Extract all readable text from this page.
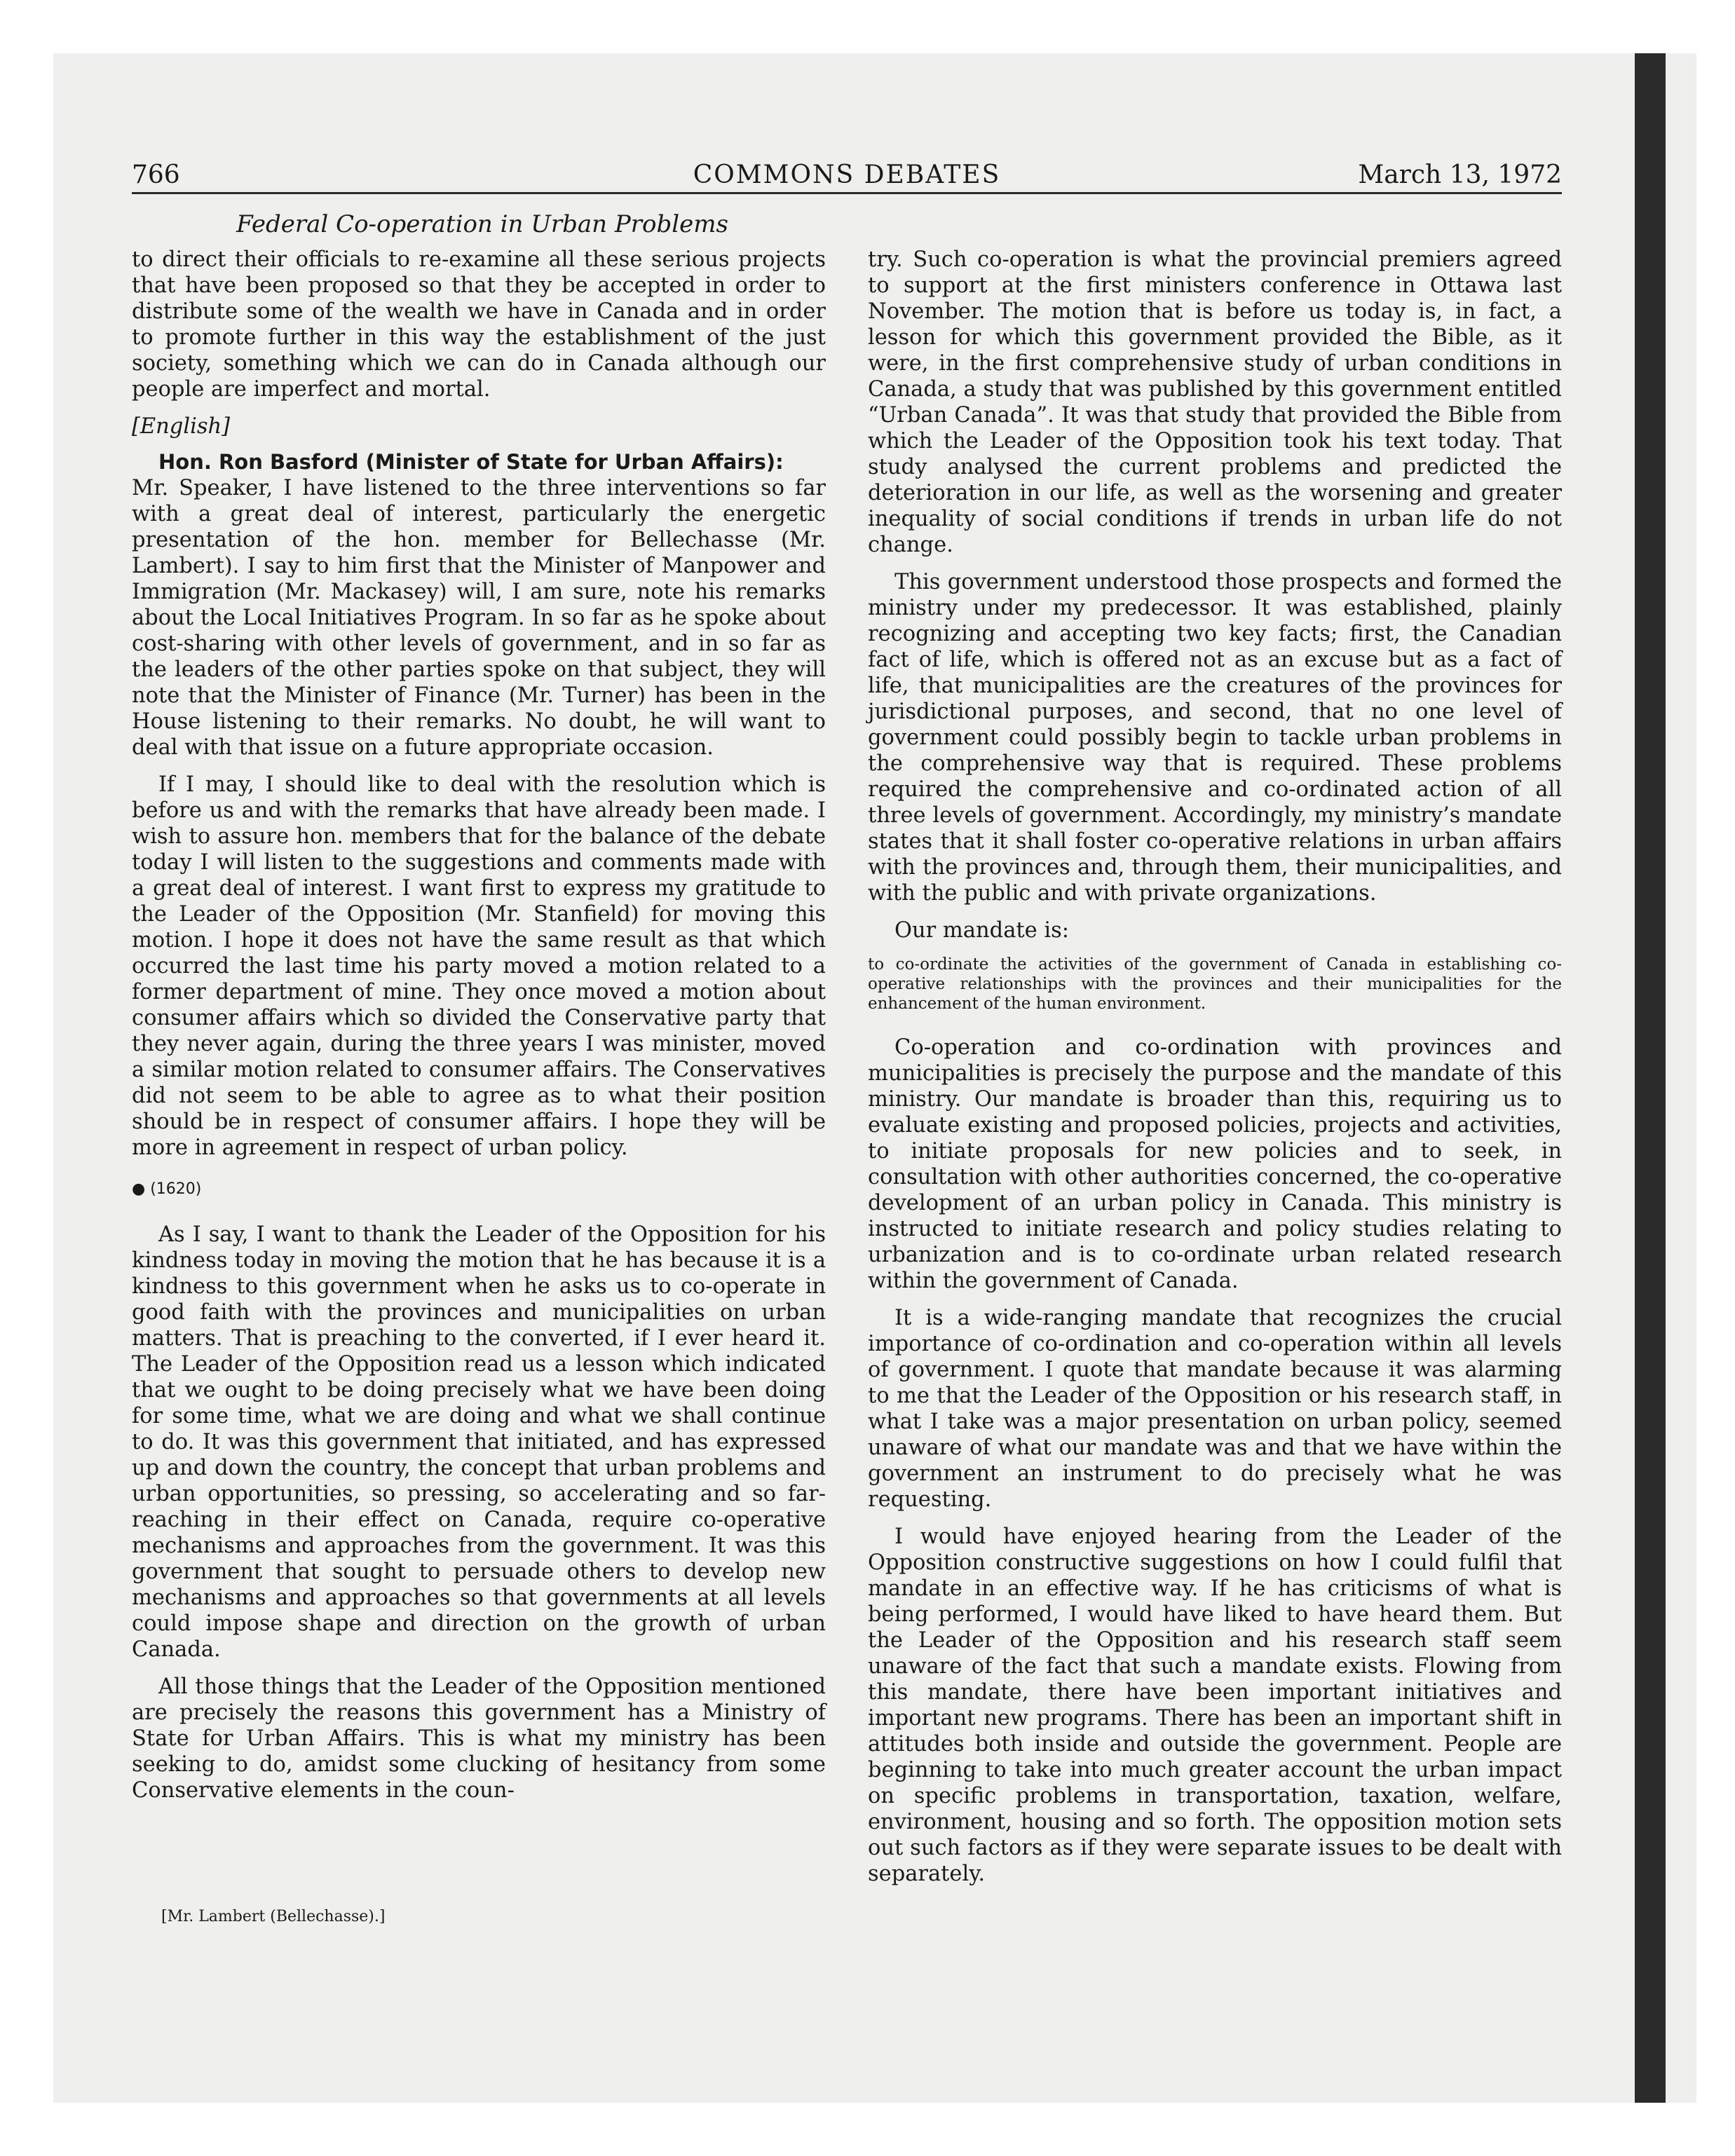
766	COMMONS DEBATES	March 13, 1972
Federal Co-operation in Urban Problems

to direct their officials to re-examine all these serious projects that have been proposed so that they be accepted in order to distribute some of the wealth we have in Canada and in order to promote further in this way the establishment of the just society, something which we can do in Canada although our people are imperfect and mortal.

[English]

Hon. Ron Basford (Minister of State for Urban Affairs):
Mr. Speaker, I have listened to the three interventions so far with a great deal of interest, particularly the energetic presentation of the hon. member for Bellechasse (Mr. Lambert). I say to him first that the Minister of Manpower and Immigration (Mr. Mackasey) will, I am sure, note his remarks about the Local Initiatives Program. In so far as he spoke about cost-sharing with other levels of government, and in so far as the leaders of the other parties spoke on that subject, they will note that the Minister of Finance (Mr. Turner) has been in the House listening to their remarks. No doubt, he will want to deal with that issue on a future appropriate occasion.

If I may, I should like to deal with the resolution which is before us and with the remarks that have already been made. I wish to assure hon. members that for the balance of the debate today I will listen to the suggestions and comments made with a great deal of interest. I want first to express my gratitude to the Leader of the Opposition (Mr. Stanfield) for moving this motion. I hope it does not have the same result as that which occurred the last time his party moved a motion related to a former department of mine. They once moved a motion about consumer affairs which so divided the Conservative party that they never again, during the three years I was minister, moved a similar motion related to consumer affairs. The Conservatives did not seem to be able to agree as to what their position should be in respect of consumer affairs. I hope they will be more in agreement in respect of urban policy.

● (1620)

As I say, I want to thank the Leader of the Opposition for his kindness today in moving the motion that he has because it is a kindness to this government when he asks us to co-operate in good faith with the provinces and municipalities on urban matters. That is preaching to the converted, if I ever heard it. The Leader of the Opposition read us a lesson which indicated that we ought to be doing precisely what we have been doing for some time, what we are doing and what we shall continue to do. It was this government that initiated, and has expressed up and down the country, the concept that urban problems and urban opportunities, so pressing, so accelerating and so far-reaching in their effect on Canada, require co-operative mechanisms and approaches from the government. It was this government that sought to persuade others to develop new mechanisms and approaches so that governments at all levels could impose shape and direction on the growth of urban Canada.

All those things that the Leader of the Opposition mentioned are precisely the reasons this government has a Ministry of State for Urban Affairs. This is what my ministry has been seeking to do, amidst some clucking of hesitancy from some Conservative elements in the coun-

try. Such co-operation is what the provincial premiers agreed to support at the first ministers conference in Ottawa last November. The motion that is before us today is, in fact, a lesson for which this government provided the Bible, as it were, in the first comprehensive study of urban conditions in Canada, a study that was published by this government entitled “Urban Canada”. It was that study that provided the Bible from which the Leader of the Opposition took his text today. That study analysed the current problems and predicted the deterioration in our life, as well as the worsening and greater inequality of social conditions if trends in urban life do not change.

This government understood those prospects and formed the ministry under my predecessor. It was established, plainly recognizing and accepting two key facts; first, the Canadian fact of life, which is offered not as an excuse but as a fact of life, that municipalities are the creatures of the provinces for jurisdictional purposes, and second, that no one level of government could possibly begin to tackle urban problems in the comprehensive way that is required. These problems required the comprehensive and co-ordinated action of all three levels of government. Accordingly, my ministry’s mandate states that it shall foster co-operative relations in urban affairs with the provinces and, through them, their municipalities, and with the public and with private organizations.

Our mandate is:

to co-ordinate the activities of the government of Canada in establishing co-operative relationships with the provinces and their municipalities for the enhancement of the human environment.

Co-operation and co-ordination with provinces and municipalities is precisely the purpose and the mandate of this ministry. Our mandate is broader than this, requiring us to evaluate existing and proposed policies, projects and activities, to initiate proposals for new policies and to seek, in consultation with other authorities concerned, the co-operative development of an urban policy in Canada. This ministry is instructed to initiate research and policy studies relating to urbanization and is to co-ordinate urban related research within the government of Canada.

It is a wide-ranging mandate that recognizes the crucial importance of co-ordination and co-operation within all levels of government. I quote that mandate because it was alarming to me that the Leader of the Opposition or his research staff, in what I take was a major presentation on urban policy, seemed unaware of what our mandate was and that we have within the government an instrument to do precisely what he was requesting.

I would have enjoyed hearing from the Leader of the Opposition constructive suggestions on how I could fulfil that mandate in an effective way. If he has criticisms of what is being performed, I would have liked to have heard them. But the Leader of the Opposition and his research staff seem unaware of the fact that such a mandate exists. Flowing from this mandate, there have been important initiatives and important new programs. There has been an important shift in attitudes both inside and outside the government. People are beginning to take into much greater account the urban impact on specific problems in transportation, taxation, welfare, environment, housing and so forth. The opposition motion sets out such factors as if they were separate issues to be dealt with separately.

[Mr. Lambert (Bellechasse).]
